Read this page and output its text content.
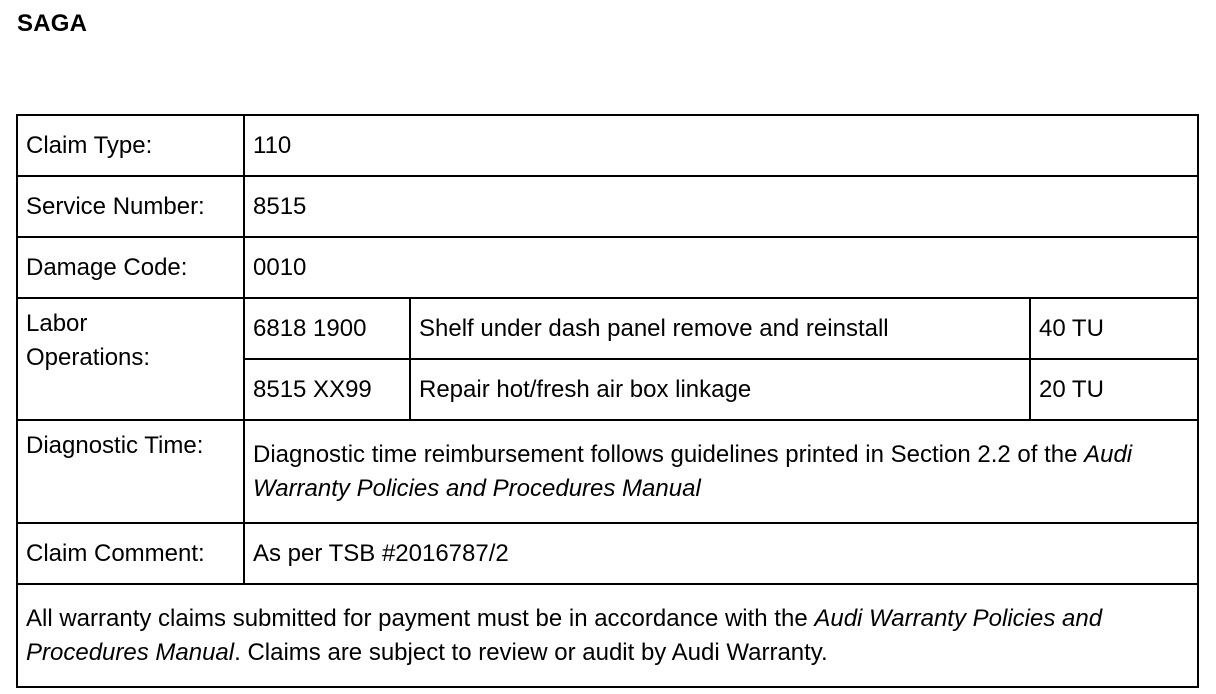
SAGA
Claim Type:	110		
Service Number:	8515		
Damage Code:	0010		

Labor
Operations:	6818 1900	Shelf under dash panel remove and reinstall	40 TU
	8515 XX99	Repair hot/fresh air box linkage	20 TU
Diagnostic Time:	Diagnostic time reimbursement follows guidelines printed in Section 2.2 of the Audi Warranty Policies and Procedures Manual		
Claim Comment:	As per TSB #2016787/2		
All warranty claims submitted for payment must be in accordance with the Audi Warranty Policies and Procedures Manual. Claims are subject to review or audit by Audi Warranty.			
